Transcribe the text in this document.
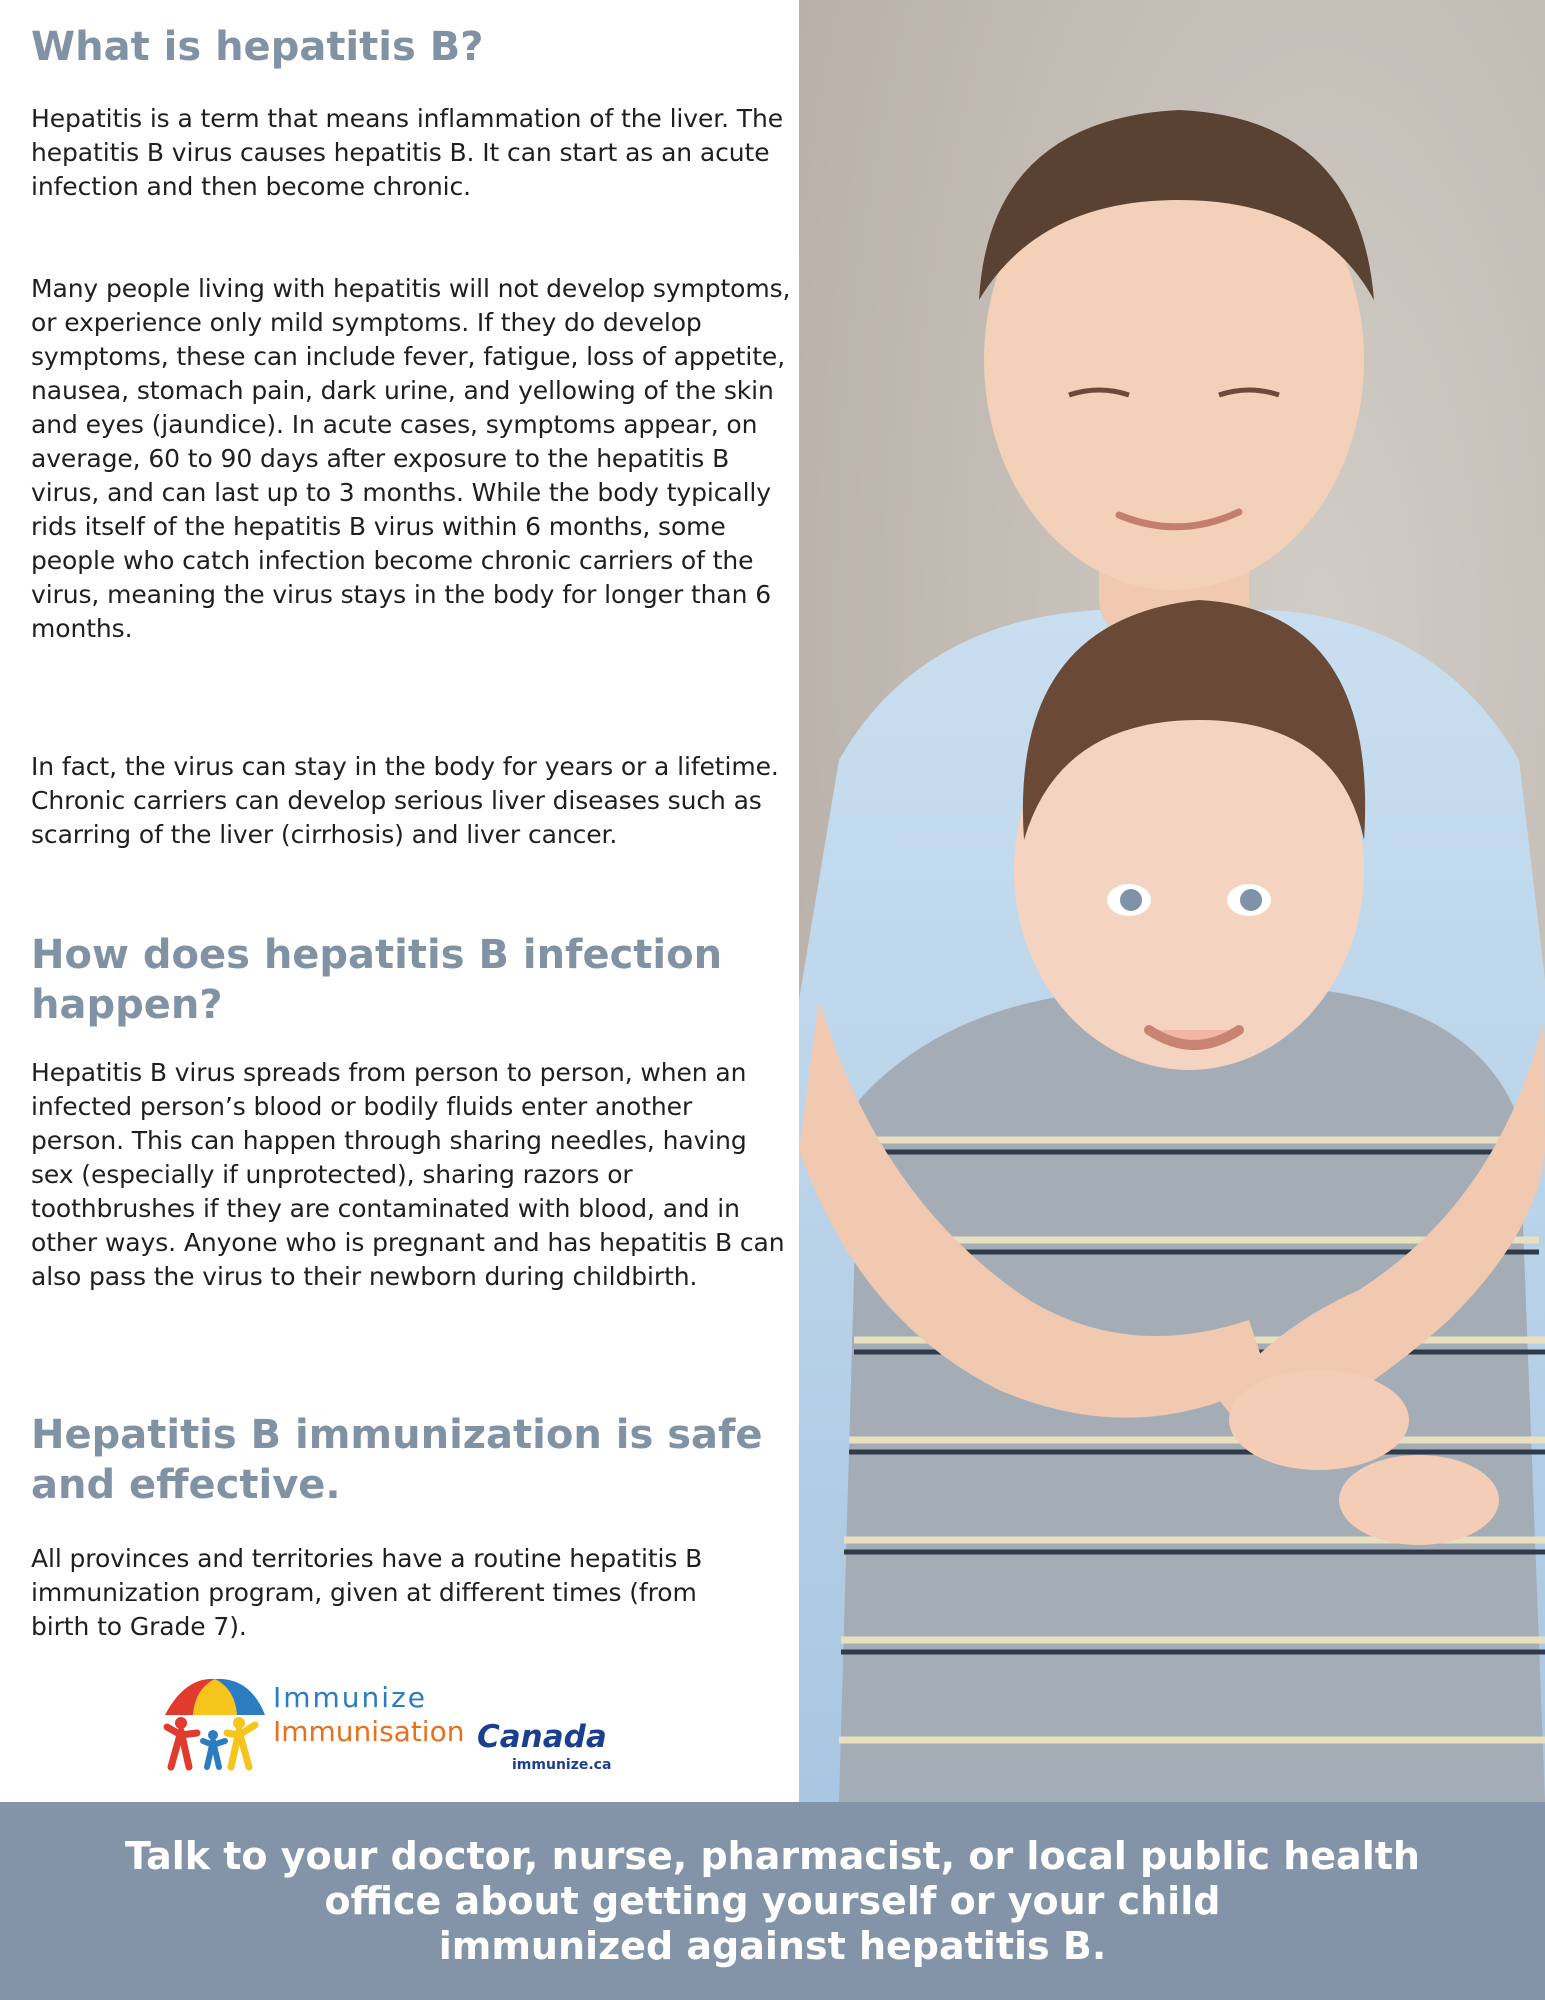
What is hepatitis B?

Hepatitis is a term that means inflammation of the liver. The hepatitis B virus causes hepatitis B. It can start as an acute infection and then become chronic.

Many people living with hepatitis will not develop symptoms, or experience only mild symptoms. If they do develop symptoms, these can include fever, fatigue, loss of appetite, nausea, stomach pain, dark urine, and yellowing of the skin and eyes (jaundice). In acute cases, symptoms appear, on average, 60 to 90 days after exposure to the hepatitis B virus, and can last up to 3 months. While the body typically rids itself of the hepatitis B virus within 6 months, some people who catch infection become chronic carriers of the virus, meaning the virus stays in the body for longer than 6 months.

In fact, the virus can stay in the body for years or a lifetime. Chronic carriers can develop serious liver diseases such as scarring of the liver (cirrhosis) and liver cancer.

How does hepatitis B infection happen?

Hepatitis B virus spreads from person to person, when an infected person’s blood or bodily fluids enter another person. This can happen through sharing needles, having sex (especially if unprotected), sharing razors or toothbrushes if they are contaminated with blood, and in other ways. Anyone who is pregnant and has hepatitis B can also pass the virus to their newborn during childbirth.

Hepatitis B immunization is safe and effective.

All provinces and territories have a routine hepatitis B immunization program, given at different times (from birth to Grade 7).

Immunize
Immunisation Canada
immunize.ca
Talk to your doctor, nurse, pharmacist, or local public health
office about getting yourself or your child
immunized against hepatitis B.
